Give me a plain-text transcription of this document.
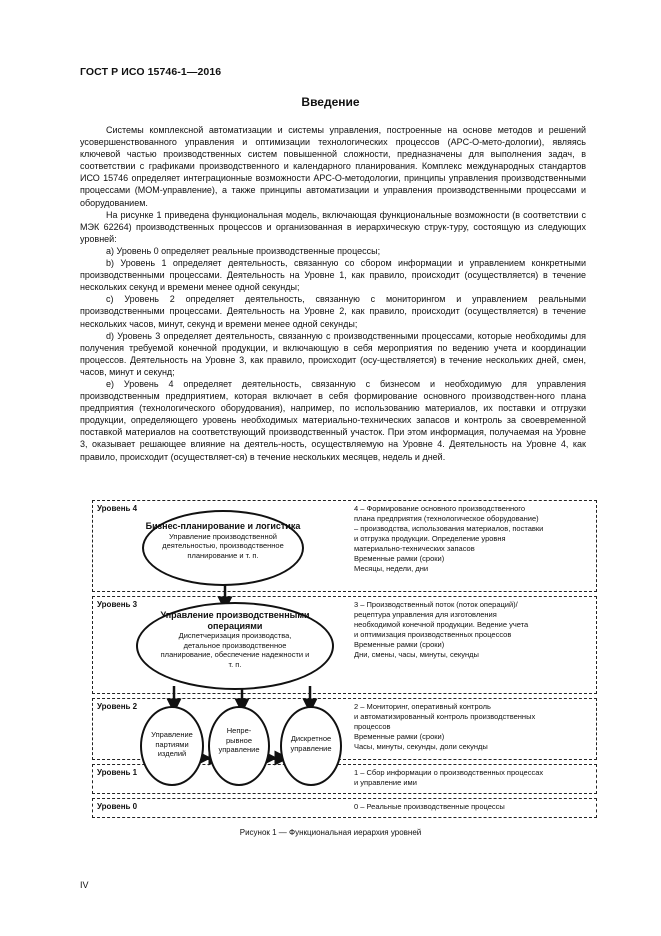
ГОСТ Р ИСО 15746-1—2016
Введение

Системы комплексной автоматизации и системы управления, построенные на основе методов и решений усовершенствованного управления и оптимизации технологических процессов (АРС-О-мето-дологии), являясь ключевой частью производственных систем повышенной сложности, предназначены для выполнения задач, в соответствии с графиками производственного и календарного планирования. Комплекс международных стандартов ИСО 15746 определяет интеграционные возможности АРС-О-методологии, принципы управления производственными процессами (МОМ-управление), а также принципы автоматизации и управления производственными процессами и оборудованием.

На рисунке 1 приведена функциональная модель, включающая функциональные возможности (в соответствии с МЭК 62264) производственных процессов и организованная в иерархическую струк-туру, состоящую из следующих уровней:

a) Уровень 0 определяет реальные производственные процессы;

b) Уровень 1 определяет деятельность, связанную со сбором информации и управлением конкретными производственными процессами. Деятельность на Уровне 1, как правило, происходит (осуществляется) в течение нескольких секунд и времени менее одной секунды;

c) Уровень 2 определяет деятельность, связанную с мониторингом и управлением реальными производственными процессами. Деятельность на Уровне 2, как правило, происходит (осуществляется) в течение нескольких часов, минут, секунд и времени менее одной секунды;

d) Уровень 3 определяет деятельность, связанную с производственными процессами, которые необходимы для получения требуемой конечной продукции, и включающую в себя мероприятия по ведению учета и координации процессов. Деятельность на Уровне 3, как правило, происходит (осу-ществляется) в течение нескольких дней, смен, часов, минут и секунд;

e) Уровень 4 определяет деятельность, связанную с бизнесом и необходимую для управления производственным предприятием, которая включает в себя формирование основного производствен-ного плана предприятия (технологического оборудования), например, по использованию материалов, их поставки и отгрузки продукции, определяющего уровень необходимых материально-технических запасов и контроль за своевременной поставкой материалов на соответствующий производственный участок. При этом информация, получаемая на Уровне 3, оказывает решающее влияние на деятель-ность, осуществляемую на Уровне 4. Деятельность на Уровне 4, как правило, происходит (осуществляет-ся) в течение нескольких месяцев, недель и дней.

Уровень 4	4 – Формирование основного производственного
плана предприятия (технологическое оборудование)
– производства, использования материалов, поставки
и отгрузка продукции. Определение уровня
материально-технических запасов
Временные рамки (сроки)
Месяцы, недели, дни
Уровень 3	3 – Производственный поток (поток операций)/
рецептура управления для изготовления
необходимой конечной продукции. Ведение учета
и оптимизация производственных процессов
Временные рамки (сроки)
Дни, смены, часы, минуты, секунды
Уровень 2	2 – Мониторинг, оперативный контроль
и автоматизированный контроль производственных
процессов
Временные рамки (сроки)
Часы, минуты, секунды, доли секунды
Уровень 1	1 – Сбор информации о производственных процессах
и управление ими
Уровень 0	0 – Реальные производственные процессы
Бизнес-планирование и логистика
Управление производственной деятельностью, производственное планирование и т. п.
Управление производственными операциями
Диспетчеризация производства, детальное производственное планирование, обеспечение надежности и т. п.
Управление партиями изделий
Непре-рывное управление
Дискретное управление
Рисунок 1 — Функциональная иерархия уровней
IV
